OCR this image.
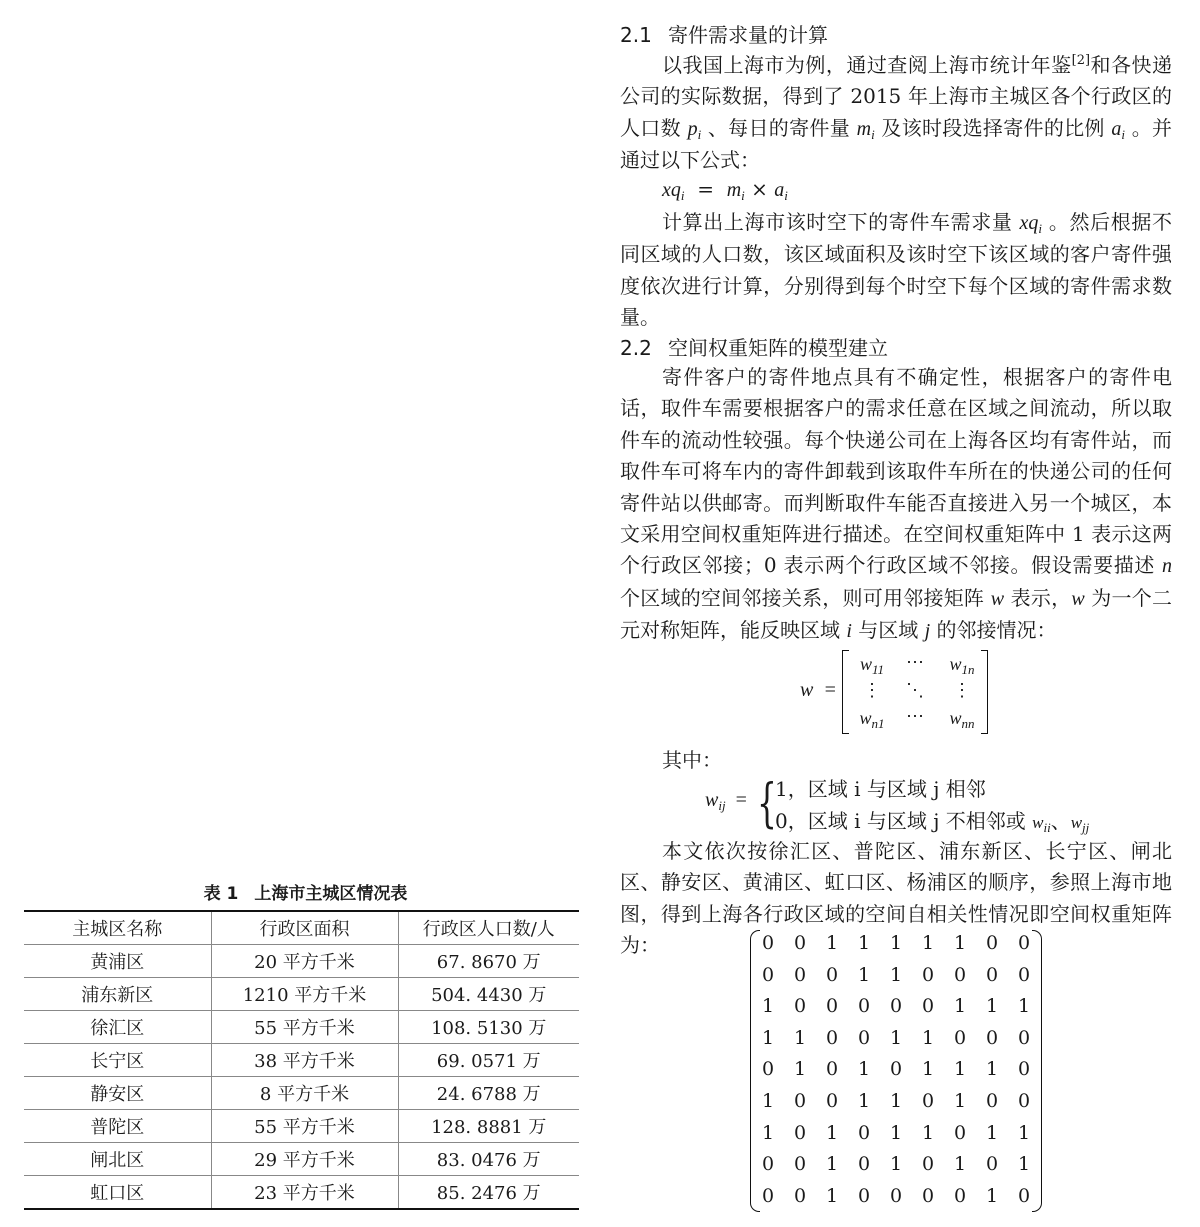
表 1 上海市主城区情况表
主城区名称	行政区面积	行政区人口数/人
黄浦区	20 平方千米	67. 8670 万
浦东新区	1210 平方千米	504. 4430 万
徐汇区	55 平方千米	108. 5130 万
长宁区	38 平方千米	69. 0571 万
静安区	8 平方千米	24. 6788 万
普陀区	55 平方千米	128. 8881 万
闸北区	29 平方千米	83. 0476 万
虹口区	23 平方千米	85. 2476 万
2.1 寄件需求量的计算

以我国上海市为例，通过查阅上海市统计年鉴[2]和各快递公司的实际数据，得到了 2015 年上海市主城区各个行政区的人口数 $p_i$ 、每日的寄件量 $m_i$ 及该时段选择寄件的比例 $a_i$ 。并通过以下公式：

$xq_i = m_i \times a_i$

计算出上海市该时空下的寄件车需求量 $xq_i$ 。然后根据不同区域的人口数，该区域面积及该时空下该区域的客户寄件强度依次进行计算，分别得到每个时空下每个区域的寄件需求数量。

2.2 空间权重矩阵的模型建立

寄件客户的寄件地点具有不确定性，根据客户的寄件电话，取件车需要根据客户的需求任意在区域之间流动，所以取件车的流动性较强。每个快递公司在上海各区均有寄件站，而取件车可将车内的寄件卸载到该取件车所在的快递公司的任何寄件站以供邮寄。而判断取件车能否直接进入另一个城区，本文采用空间权重矩阵进行描述。在空间权重矩阵中 1 表示这两个行政区邻接；0 表示两个行政区域不邻接。假设需要描述 n 个区域的空间邻接关系，则可用邻接矩阵 w 表示，w 为一个二元对称矩阵，能反映区域 i 与区域 j 的邻接情况：

w  =
$w_{11}$	⋯	$w_{1n}$
⋮	⋱	⋮
$w_{n1}$	⋯	$w_{nn}$
其中：
$w_{ij}$ = {
1，区域 i 与区域 j 相邻
0，区域 i 与区域 j 不相邻或 $w_{ii}$、$w_{jj}$

本文依次按徐汇区、普陀区、浦东新区、长宁区、闸北区、静安区、黄浦区、虹口区、杨浦区的顺序，参照上海市地图，得到上海各行政区域的空间自相关性情况即空间权重矩阵为：	0	0	1	1	1	1	1	0	0
0	0	0	1	1	0	0	0	0
1	0	0	0	0	0	1	1	1
1	1	0	0	1	1	0	0	0
0	1	0	1	0	1	1	1	0
1	0	0	1	1	0	1	0	0
1	0	1	0	1	1	0	1	1
0	0	1	0	1	0	1	0	1
0	0	1	0	0	0	0	1	0
